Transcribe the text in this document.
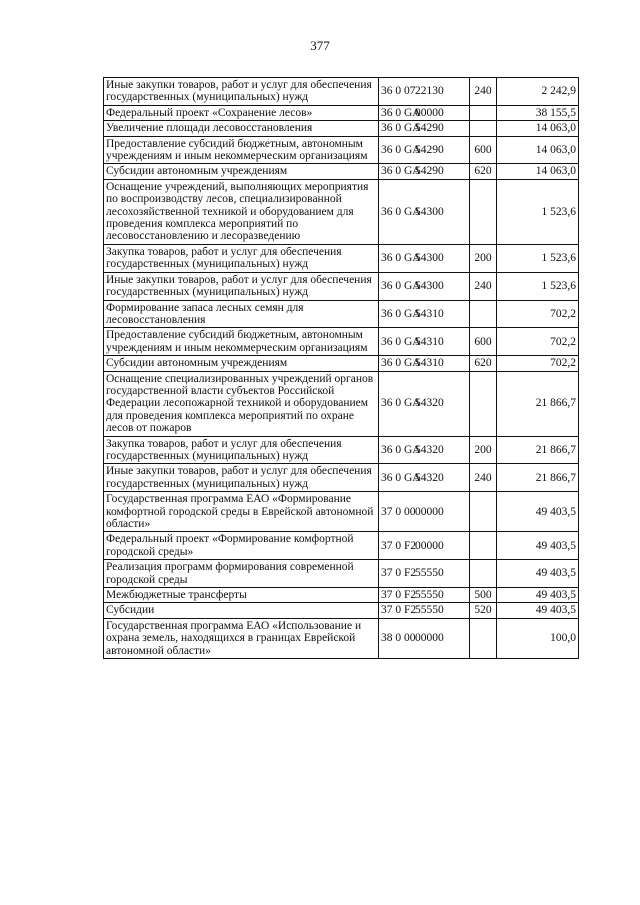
377
Иные закупки товаров, работ и услуг для обеспечения государственных (муниципальных) нужд	36 0 0722130	240	2 242,9
Федеральный проект «Сохранение лесов»	36 0 GA00000		38 155,5
Увеличение площади лесовосстановления	36 0 GA54290		14 063,0
Предоставление субсидий бюджетным, автономным учреждениям и иным некоммерческим организациям	36 0 GA54290	600	14 063,0
Субсидии автономным учреждениям	36 0 GA54290	620	14 063,0
Оснащение учреждений, выполняющих мероприятия по воспроизводству лесов, специализированной лесохозяйственной техникой и оборудованием для проведения комплекса мероприятий по лесовосстановлению и лесоразведению	36 0 GA54300		1 523,6
Закупка товаров, работ и услуг для обеспечения государственных (муниципальных) нужд	36 0 GA54300	200	1 523,6
Иные закупки товаров, работ и услуг для обеспечения государственных (муниципальных) нужд	36 0 GA54300	240	1 523,6
Формирование запаса лесных семян для лесовосстановления	36 0 GA54310		702,2
Предоставление субсидий бюджетным, автономным учреждениям и иным некоммерческим организациям	36 0 GA54310	600	702,2
Субсидии автономным учреждениям	36 0 GA54310	620	702,2
Оснащение специализированных учреждений органов государственной власти субъектов Российской Федерации лесопожарной техникой и оборудованием для проведения комплекса мероприятий по охране лесов от пожаров	36 0 GA54320		21 866,7
Закупка товаров, работ и услуг для обеспечения государственных (муниципальных) нужд	36 0 GA54320	200	21 866,7
Иные закупки товаров, работ и услуг для обеспечения государственных (муниципальных) нужд	36 0 GA54320	240	21 866,7
Государственная программа ЕАО «Формирование комфортной городской среды в Еврейской автономной области»	37 0 0000000		49 403,5
Федеральный проект «Формирование комфортной городской среды»	37 0 F200000		49 403,5
Реализация программ формирования современной городской среды	37 0 F255550		49 403,5
Межбюджетные трансферты	37 0 F255550	500	49 403,5
Субсидии	37 0 F255550	520	49 403,5
Государственная программа ЕАО «Использование и охрана земель, находящихся в границах Еврейской автономной области»	38 0 0000000		100,0
